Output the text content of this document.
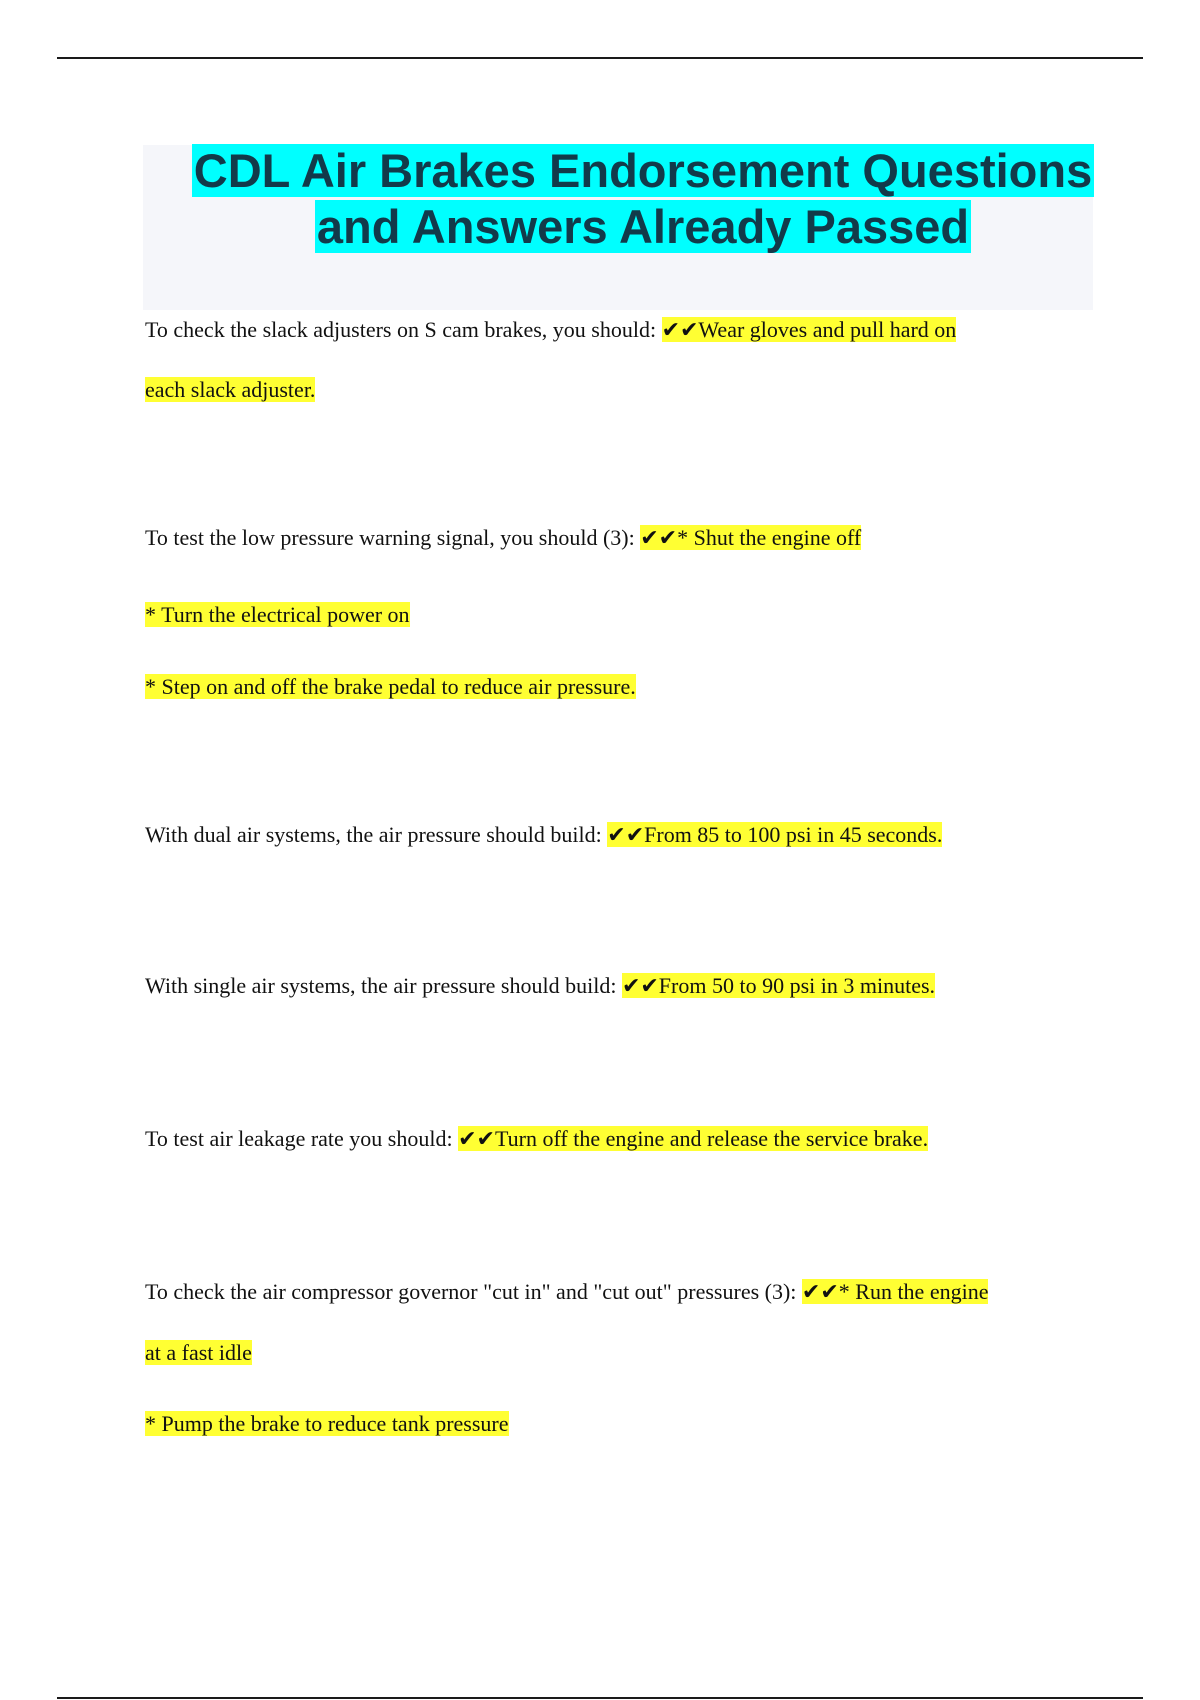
CDL Air Brakes Endorsement Questions
and Answers Already Passed
To check the slack adjusters on S cam brakes, you should: ✔✔Wear gloves and pull hard on
each slack adjuster.
To test the low pressure warning signal, you should (3): ✔✔* Shut the engine off
* Turn the electrical power on
* Step on and off the brake pedal to reduce air pressure.
With dual air systems, the air pressure should build: ✔✔From 85 to 100 psi in 45 seconds.
With single air systems, the air pressure should build: ✔✔From 50 to 90 psi in 3 minutes.
To test air leakage rate you should: ✔✔Turn off the engine and release the service brake.
To check the air compressor governor "cut in" and "cut out" pressures (3): ✔✔* Run the engine
at a fast idle
* Pump the brake to reduce tank pressure
